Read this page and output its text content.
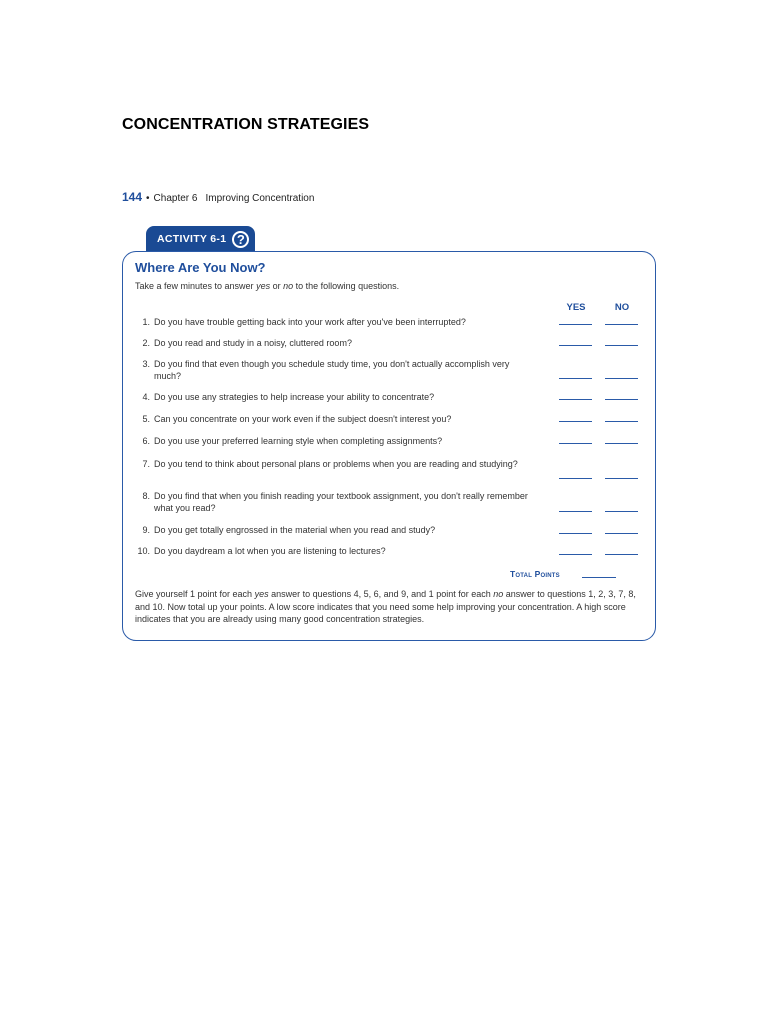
CONCENTRATION STRATEGIES
144 • Chapter 6 Improving Concentration
ACTIVITY 6-1 ?
Where Are You Now?
Take a few minutes to answer yes or no to the following questions.
YES	NO
1. Do you have trouble getting back into your work after you've been interrupted?
2. Do you read and study in a noisy, cluttered room?
3. Do you find that even though you schedule study time, you don't actually accomplish very much?
4. Do you use any strategies to help increase your ability to concentrate?
5. Can you concentrate on your work even if the subject doesn't interest you?
6. Do you use your preferred learning style when completing assignments?
7. Do you tend to think about personal plans or problems when you are reading and studying?
8. Do you find that when you finish reading your textbook assignment, you don't really remember what you read?
9. Do you get totally engrossed in the material when you read and study?
10. Do you daydream a lot when you are listening to lectures?
Total Points
Give yourself 1 point for each yes answer to questions 4, 5, 6, and 9, and 1 point for each no answer to questions 1, 2, 3, 7, 8, and 10. Now total up your points. A low score indicates that you need some help improving your concentration. A high score indicates that you are already using many good concentration strategies.
